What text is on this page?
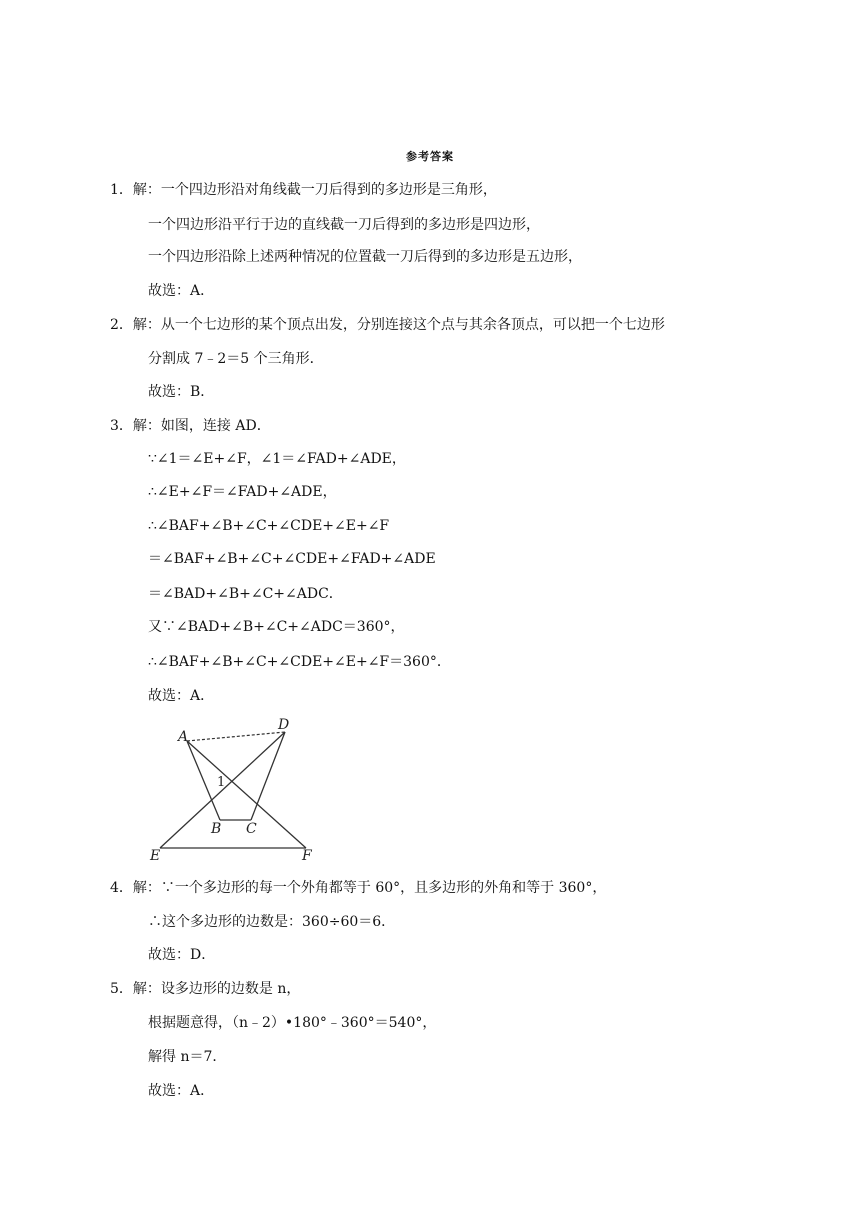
参考答案
1．解：一个四边形沿对角线截一刀后得到的多边形是三角形，
一个四边形沿平行于边的直线截一刀后得到的多边形是四边形，
一个四边形沿除上述两种情况的位置截一刀后得到的多边形是五边形，
故选：A．
2．解：从一个七边形的某个顶点出发，分别连接这个点与其余各顶点，可以把一个七边形
分割成 7﹣2＝5 个三角形．
故选：B．
3．解：如图，连接 AD．
∵∠1＝∠E+∠F，∠1＝∠FAD+∠ADE，
∴∠E+∠F＝∠FAD+∠ADE，
∴∠BAF+∠B+∠C+∠CDE+∠E+∠F
＝∠BAF+∠B+∠C+∠CDE+∠FAD+∠ADE
＝∠BAD+∠B+∠C+∠ADC．
又∵∠BAD+∠B+∠C+∠ADC＝360°，
∴∠BAF+∠B+∠C+∠CDE+∠E+∠F＝360°．
故选：A．
A
D
1
B C
E	F
4．解：∵一个多边形的每一个外角都等于 60°，且多边形的外角和等于 360°，
∴这个多边形的边数是：360÷60＝6．
故选：D．
5．解：设多边形的边数是 n，
根据题意得，（n﹣2）•180°﹣360°＝540°，
解得 n＝7．
故选：A．
